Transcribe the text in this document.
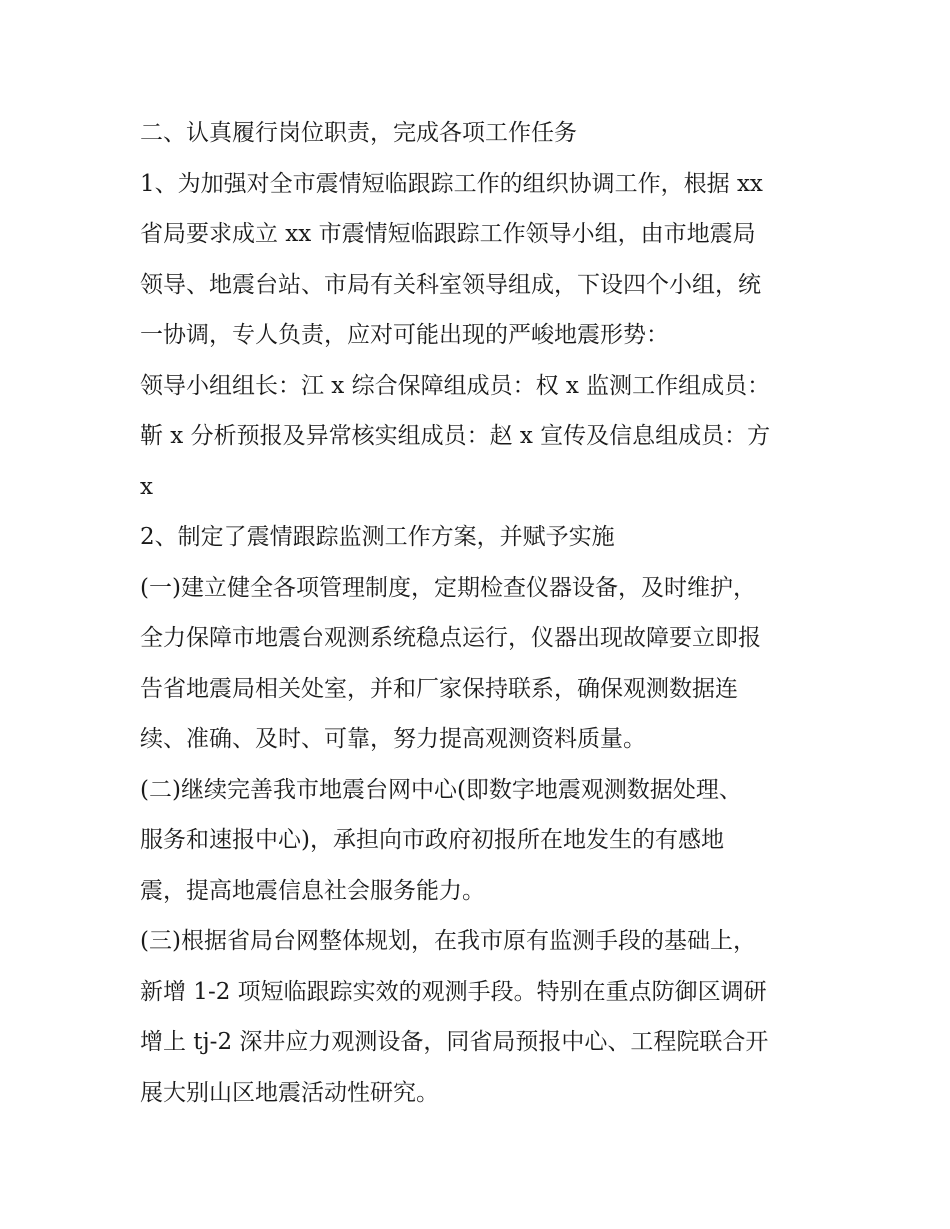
二、认真履行岗位职责，完成各项工作任务
1、为加强对全市震情短临跟踪工作的组织协调工作，根据 xx
省局要求成立 xx 市震情短临跟踪工作领导小组，由市地震局
领导、地震台站、市局有关科室领导组成，下设四个小组，统
一协调，专人负责，应对可能出现的严峻地震形势：
领导小组组长：江 x 综合保障组成员：权 x 监测工作组成员：
靳 x 分析预报及异常核实组成员：赵 x 宣传及信息组成员：方
x
2、制定了震情跟踪监测工作方案，并赋予实施
(一)建立健全各项管理制度，定期检查仪器设备，及时维护，
全力保障市地震台观测系统稳点运行，仪器出现故障要立即报
告省地震局相关处室，并和厂家保持联系，确保观测数据连
续、准确、及时、可靠，努力提高观测资料质量。
(二)继续完善我市地震台网中心(即数字地震观测数据处理、
服务和速报中心)，承担向市政府初报所在地发生的有感地
震，提高地震信息社会服务能力。
(三)根据省局台网整体规划，在我市原有监测手段的基础上，
新增 1-2 项短临跟踪实效的观测手段。特别在重点防御区调研
增上 tj-2 深井应力观测设备，同省局预报中心、工程院联合开
展大别山区地震活动性研究。
